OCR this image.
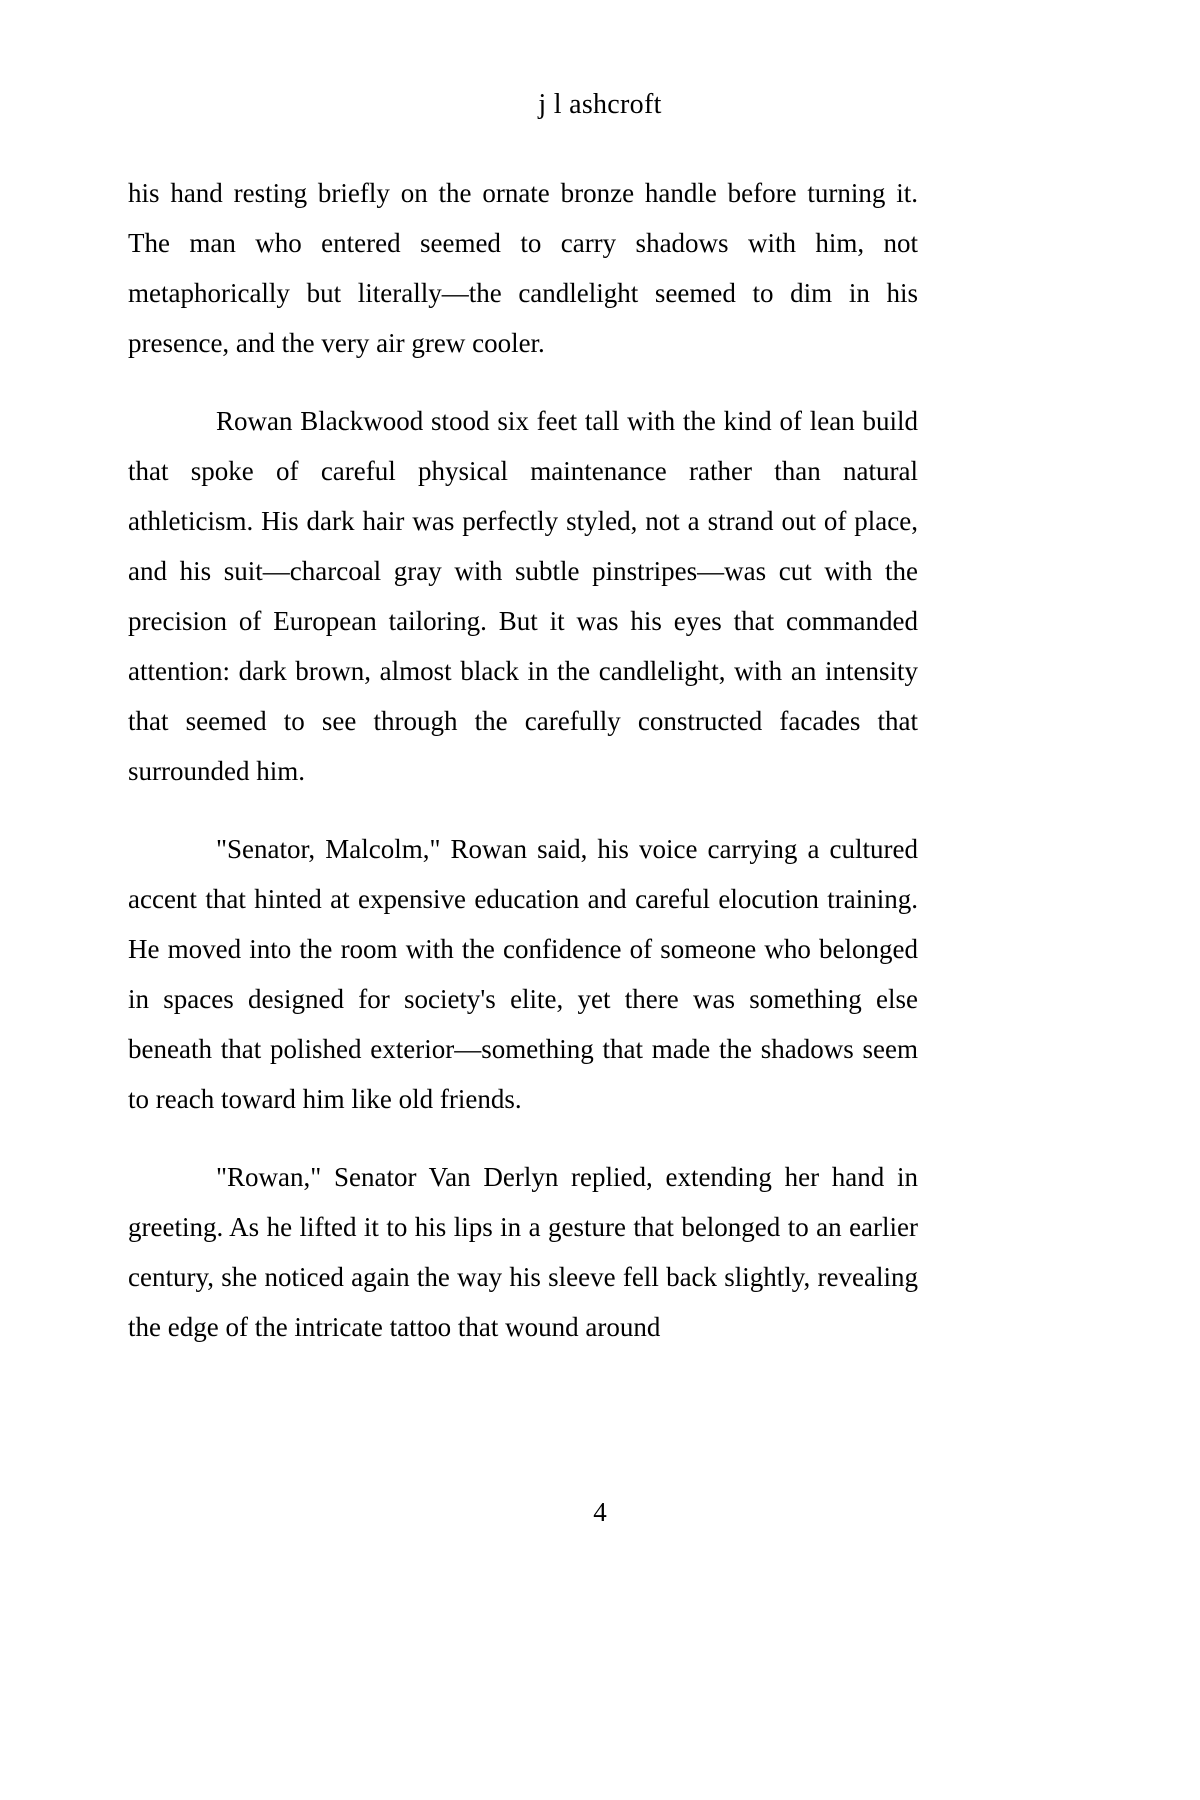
j l ashcroft

his hand resting briefly on the ornate bronze handle before turning it. The man who entered seemed to carry shadows with him, not metaphorically but literally—the candlelight seemed to dim in his presence, and the very air grew cooler.

Rowan Blackwood stood six feet tall with the kind of lean build that spoke of careful physical maintenance rather than natural athleticism. His dark hair was perfectly styled, not a strand out of place, and his suit—charcoal gray with subtle pinstripes—was cut with the precision of European tailoring. But it was his eyes that commanded attention: dark brown, almost black in the candlelight, with an intensity that seemed to see through the carefully constructed facades that surrounded him.

"Senator, Malcolm," Rowan said, his voice carrying a cultured accent that hinted at expensive education and careful elocution training. He moved into the room with the confidence of someone who belonged in spaces designed for society's elite, yet there was something else beneath that polished exterior—something that made the shadows seem to reach toward him like old friends.

"Rowan," Senator Van Derlyn replied, extending her hand in greeting. As he lifted it to his lips in a gesture that belonged to an earlier century, she noticed again the way his sleeve fell back slightly, revealing the edge of the intricate tattoo that wound around

4
